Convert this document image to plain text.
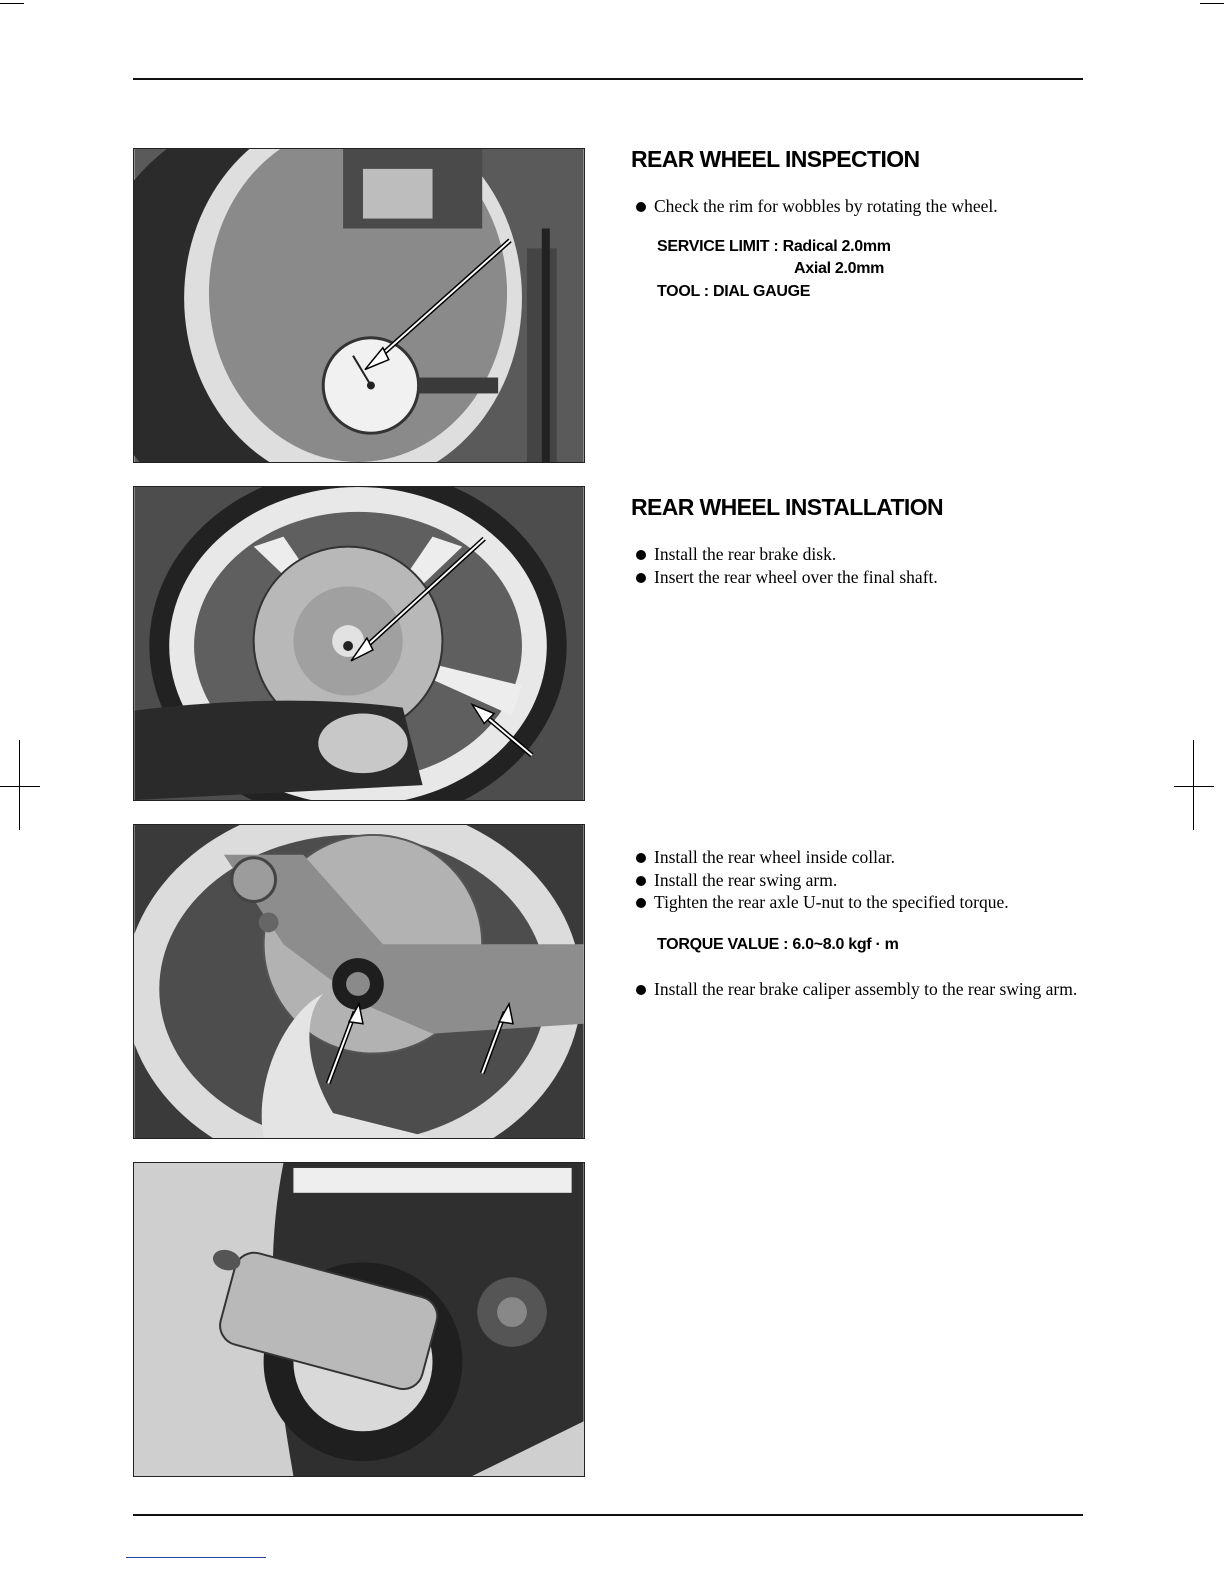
REAR WHEEL INSPECTION
Check the rim for wobbles by rotating the wheel.
SERVICE LIMIT : Radical 2.0mm
Axial 2.0mm
TOOL : DIAL GAUGE
REAR WHEEL INSTALLATION
Install the rear brake disk.
Insert the rear wheel over the final shaft.
Install the rear wheel inside collar.
Install the rear swing arm.
Tighten the rear axle U-nut to the specified torque.
TORQUE VALUE : 6.0~8.0 kgf · m
Install the rear brake caliper assembly to the rear swing arm.
